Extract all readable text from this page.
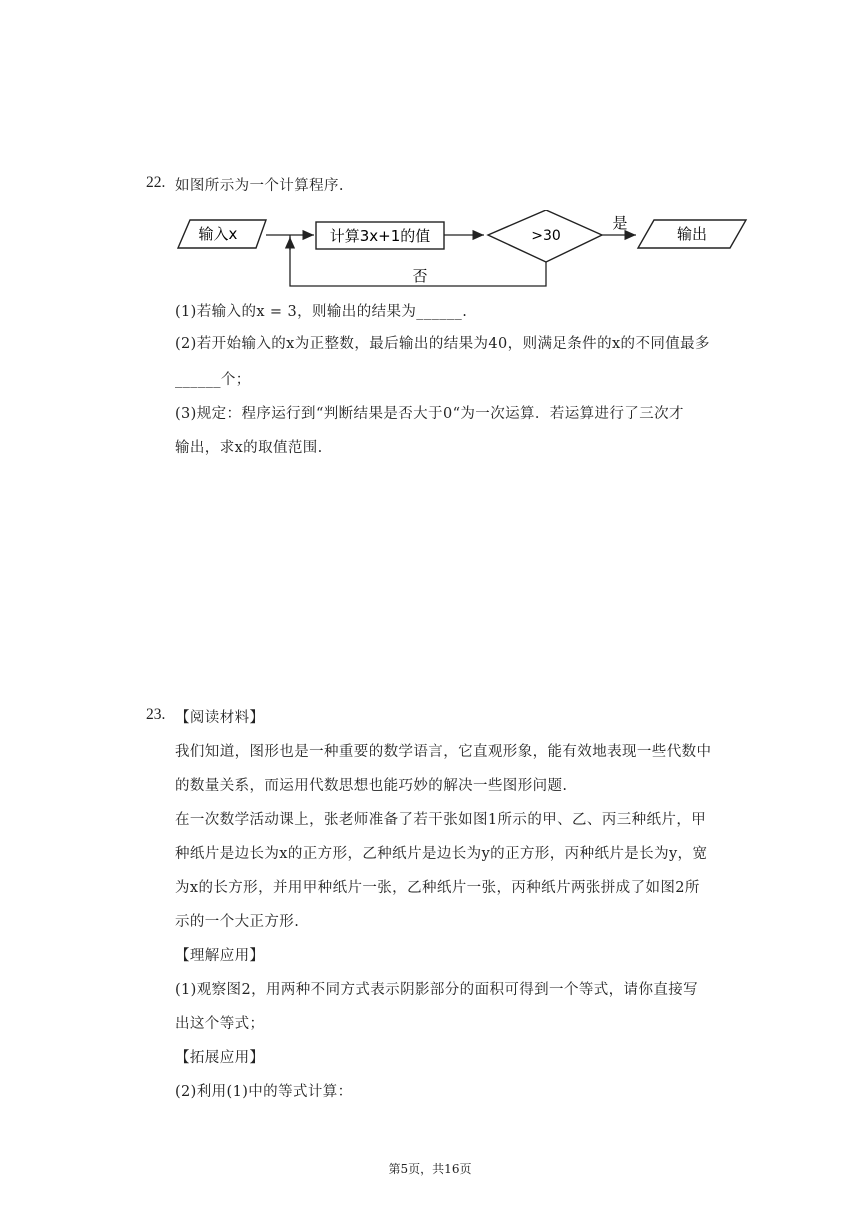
22. 如图所示为一个计算程序.
输入x	计算3x+1的值	>30
是
输出
否
(1)若输入的x = 3，则输出的结果为______.
(2)若开始输入的x为正整数，最后输出的结果为40，则满足条件的x的不同值最多
______个；
(3)规定：程序运行到“判断结果是否大于0“为一次运算．若运算进行了三次才
输出，求x的取值范围.
23. 【阅读材料】
我们知道，图形也是一种重要的数学语言，它直观形象，能有效地表现一些代数中
的数量关系，而运用代数思想也能巧妙的解决一些图形问题.
在一次数学活动课上，张老师准备了若干张如图1所示的甲、乙、丙三种纸片，甲
种纸片是边长为x的正方形，乙种纸片是边长为y的正方形，丙种纸片是长为y，宽
为x的长方形，并用甲种纸片一张，乙种纸片一张，丙种纸片两张拼成了如图2所
示的一个大正方形.
【理解应用】
(1)观察图2，用两种不同方式表示阴影部分的面积可得到一个等式，请你直接写
出这个等式；
【拓展应用】
(2)利用(1)中的等式计算：
第5页，共16页
